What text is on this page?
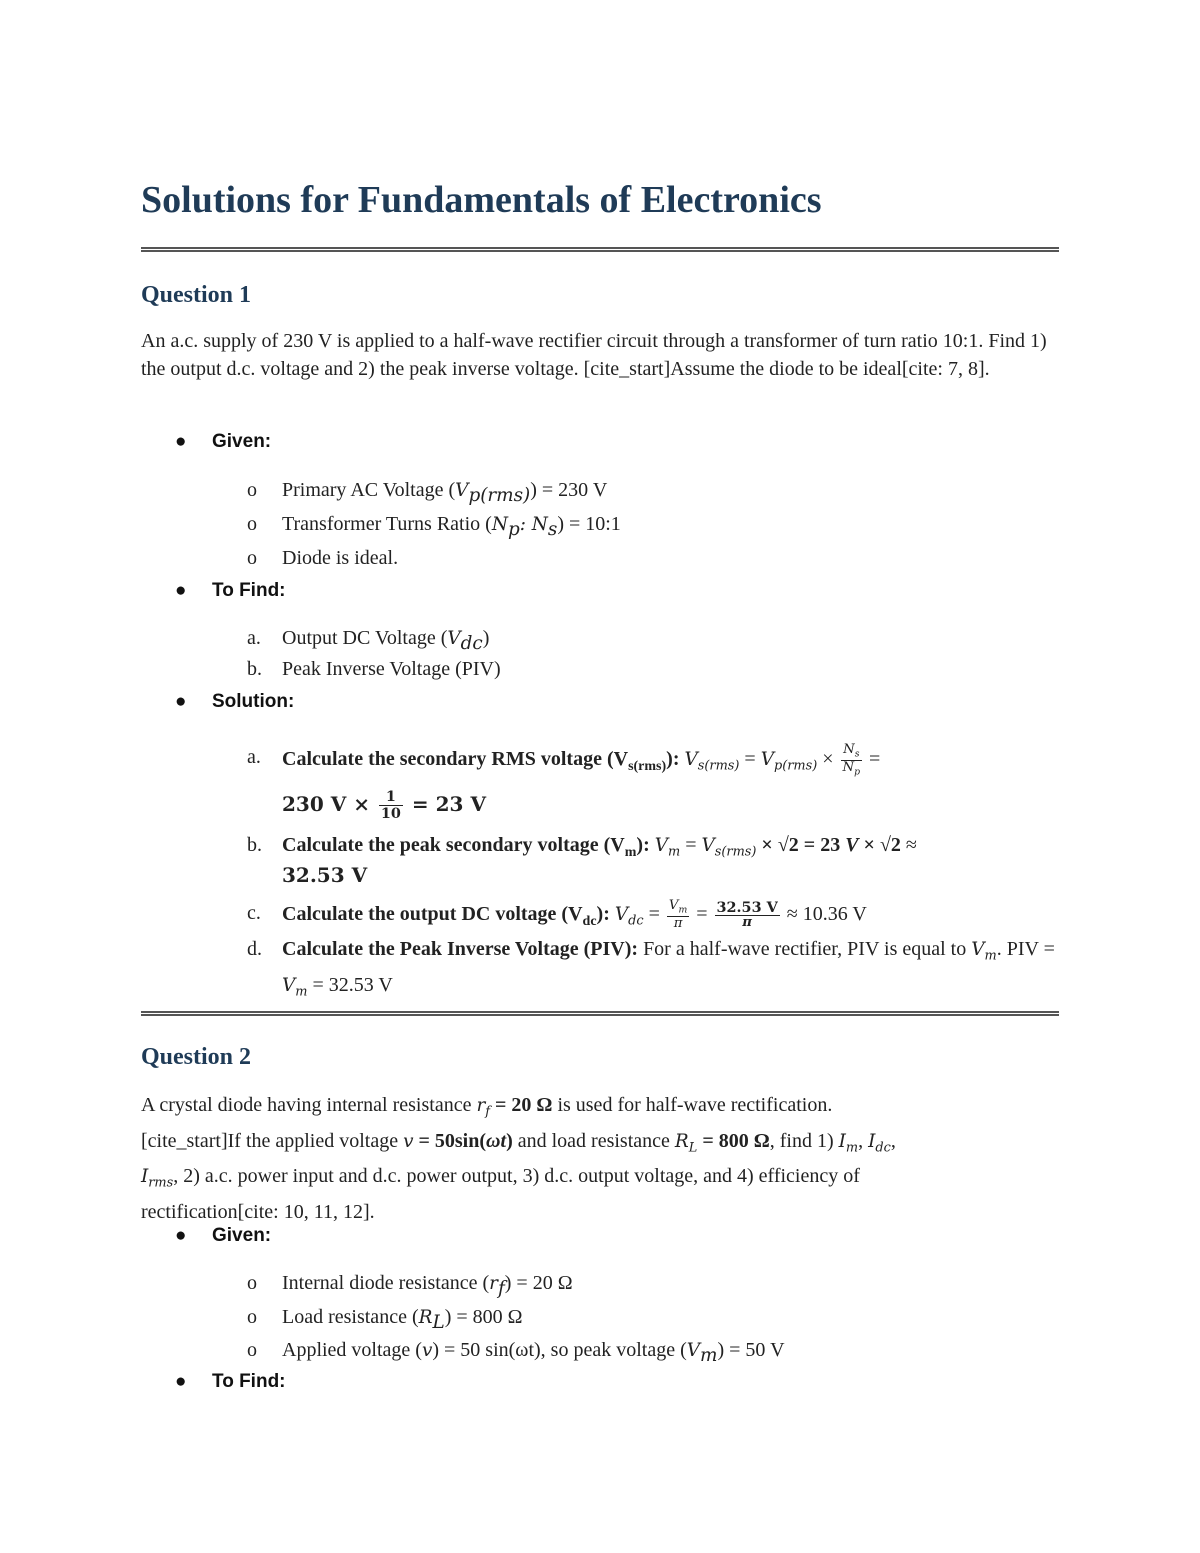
Solutions for Fundamentals of Electronics
Question 1

An a.c. supply of 230 V is applied to a half-wave rectifier circuit through a transformer of turn ratio 10:1. Find 1) the output d.c. voltage and 2) the peak inverse voltage. [cite_start]Assume the diode to be ideal[cite: 7, 8].

● Given:
o Primary AC Voltage $(V_{p(rms)}) = 230$ V
o Transformer Turns Ratio ($N_p$: $N_s$) = 10:1
o Diode is ideal.
● To Find:
a. Output DC Voltage $(V_{dc})$
b. Peak Inverse Voltage (PIV)
● Solution:
a. Calculate the secondary RMS voltage $(V_{s(rms)})$: $V_{s(rms)} = V_{p(rms)} \times \frac{N_s}{N_p}$ =
230 $V \times \frac{1}{10} = 23$ V
b. Calculate the peak secondary voltage $(V_m)$: $V_m = V_{s(rms)} \times √2 = 23$ V × √2 ≈
32.53 V
c. Calculate the output DC voltage $(V_{dc})$: $V_{dc} = \frac{V_m}{\pi} = \frac{32.53 V}{\pi} \approx 10.36$ V
d. Calculate the Peak Inverse Voltage (PIV): For a half-wave rectifier, PIV is equal to $V_m$. PIV = $V_m = 32.53$ V
Question 2
A crystal diode having internal resistance $r_f = 20$ Ω is used for half-wave rectification.
[cite_start]If the applied voltage v = 50sin(ωt) and load resistance $R_L = 800$ Ω, find 1) $I_m$, $I_{dc}$,
$I_{rms}$, 2) a.c. power input and d.c. power output, 3) d.c. output voltage, and 4) efficiency of
rectification[cite: 10, 11, 12].
● Given:
o Internal diode resistance $(r_f) = 20$ Ω
o Load resistance $(R_L) = 800$ Ω
o Applied voltage (v) = 50 sin(ωt), so peak voltage $(V_m) = 50$ V
● To Find:
